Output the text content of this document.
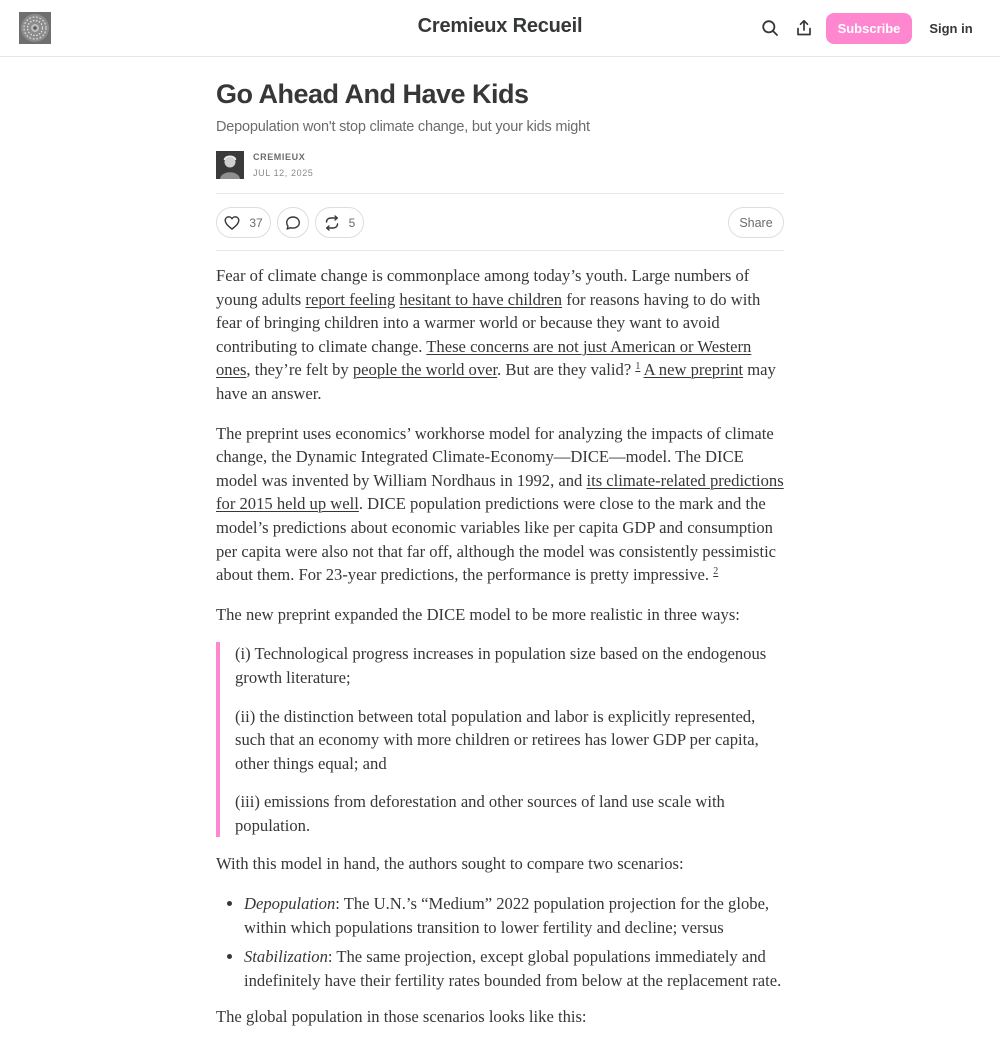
Cremieux Recueil	Subscribe	Sign in
Go Ahead And Have Kids
Depopulation won't stop climate change, but your kids might
CREMIEUX
JUL 12, 2025
37	5	Share

Fear of climate change is commonplace among today’s youth. Large numbers of young adults report feeling hesitant to have children for reasons having to do with fear of bringing children into a warmer world or because they want to avoid contributing to climate change. These concerns are not just American or Western ones, they’re felt by people the world over. But are they valid? $^1$ A new preprint may have an answer.

The preprint uses economics’ workhorse model for analyzing the impacts of climate change, the Dynamic Integrated Climate-Economy—DICE—model. The DICE model was invented by William Nordhaus in 1992, and its climate-related predictions for 2015 held up well. DICE population predictions were close to the mark and the model’s predictions about economic variables like per capita GDP and consumption per capita were also not that far off, although the model was consistently pessimistic about them. For 23-year predictions, the performance is pretty impressive. $^2$

The new preprint expanded the DICE model to be more realistic in three ways:

(i) Technological progress increases in population size based on the endogenous growth literature;

(ii) the distinction between total population and labor is explicitly represented, such that an economy with more children or retirees has lower GDP per capita, other things equal; and

(iii) emissions from deforestation and other sources of land use scale with population.

With this model in hand, the authors sought to compare two scenarios:

• Depopulation: The U.N.’s “Medium” 2022 population projection for the globe, within which populations transition to lower fertility and decline; versus
• Stabilization: The same projection, except global populations immediately and indefinitely have their fertility rates bounded from below at the replacement rate.

The global population in those scenarios looks like this:
